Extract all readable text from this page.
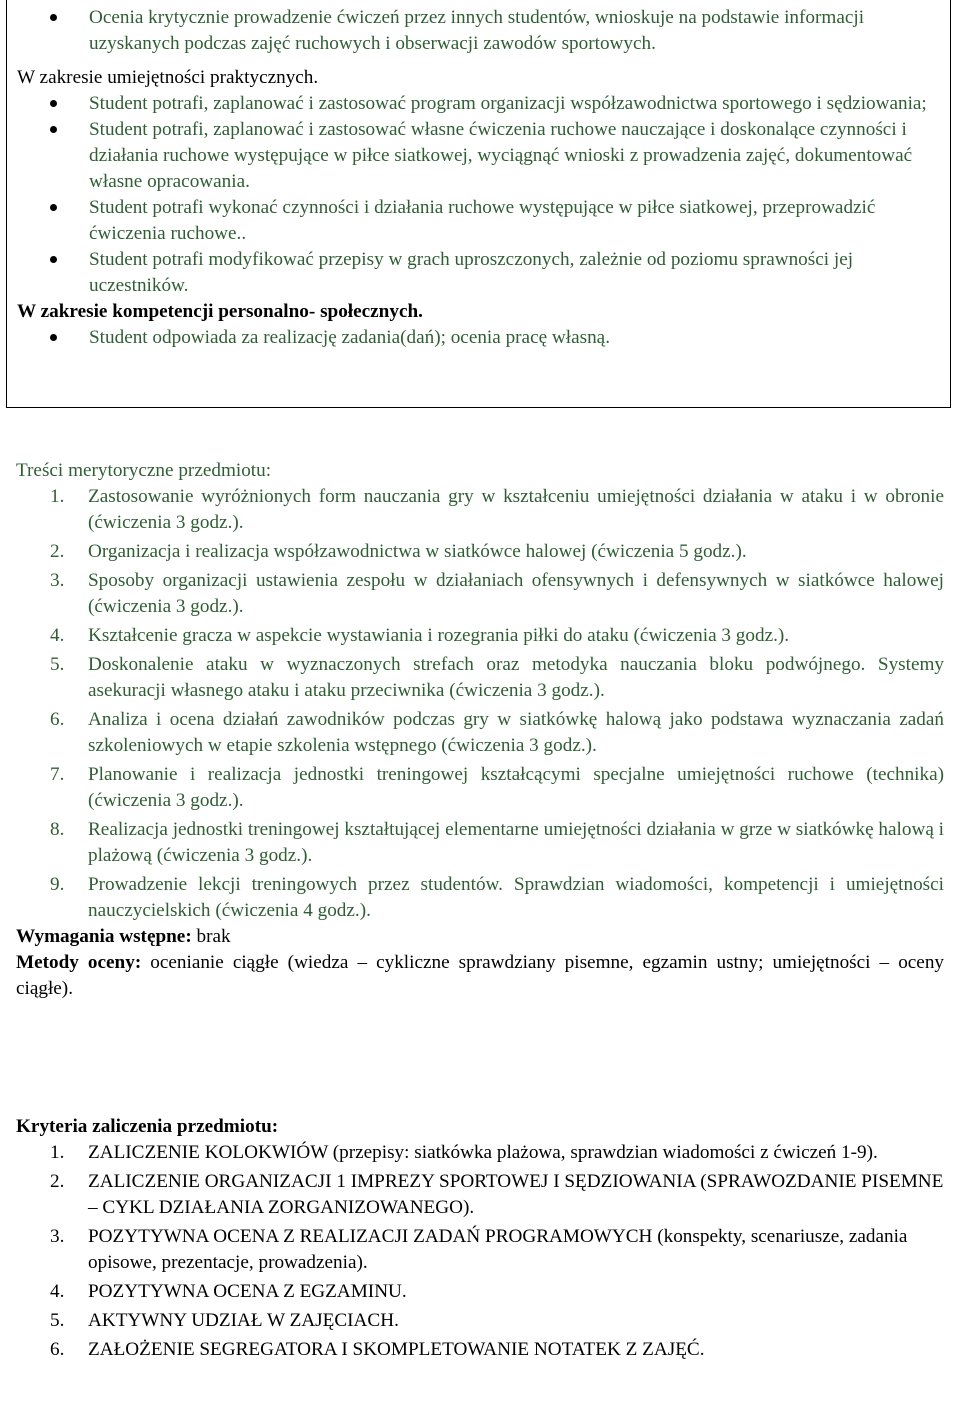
Ocenia krytycznie prowadzenie ćwiczeń przez innych studentów, wnioskuje na podstawie informacji uzyskanych podczas zajęć ruchowych i obserwacji zawodów sportowych.

W zakresie umiejętności praktycznych.

Student potrafi, zaplanować i zastosować program organizacji współzawodnictwa sportowego i sędziowania;
Student potrafi, zaplanować i zastosować własne ćwiczenia ruchowe nauczające i doskonalące czynności i działania ruchowe występujące w piłce siatkowej, wyciągnąć wnioski z prowadzenia zajęć, dokumentować własne opracowania.
Student potrafi wykonać czynności i działania ruchowe występujące w piłce siatkowej, przeprowadzić ćwiczenia ruchowe..
Student potrafi modyfikować przepisy w grach uproszczonych, zależnie od poziomu sprawności jej uczestników.

W zakresie kompetencji personalno- społecznych.

Student odpowiada za realizację zadania(dań); ocenia pracę własną.
Treści merytoryczne przedmiotu:
1. Zastosowanie wyróżnionych form nauczania gry w kształceniu umiejętności działania w ataku i w obronie (ćwiczenia 3 godz.).
2. Organizacja i realizacja współzawodnictwa w siatkówce halowej (ćwiczenia 5 godz.).
3. Sposoby organizacji ustawienia zespołu w działaniach ofensywnych i defensywnych w siatkówce halowej (ćwiczenia 3 godz.).
4. Kształcenie gracza w aspekcie wystawiania i rozegrania piłki do ataku (ćwiczenia 3 godz.).
5. Doskonalenie ataku w wyznaczonych strefach oraz metodyka nauczania bloku podwójnego. Systemy asekuracji własnego ataku i ataku przeciwnika (ćwiczenia 3 godz.).
6. Analiza i ocena działań zawodników podczas gry w siatkówkę halową jako podstawa wyznaczania zadań szkoleniowych w etapie szkolenia wstępnego (ćwiczenia 3 godz.).
7. Planowanie i realizacja jednostki treningowej kształcącymi specjalne umiejętności ruchowe (technika) (ćwiczenia 3 godz.).
8. Realizacja jednostki treningowej kształtującej elementarne umiejętności działania w grze w siatkówkę halową i plażową (ćwiczenia 3 godz.).
9. Prowadzenie lekcji treningowych przez studentów. Sprawdzian wiadomości, kompetencji i umiejętności nauczycielskich (ćwiczenia 4 godz.).
Wymagania wstępne: brak
Metody oceny: ocenianie ciągłe (wiedza – cykliczne sprawdziany pisemne, egzamin ustny; umiejętności – oceny ciągłe).
Kryteria zaliczenia przedmiotu:
1. ZALICZENIE KOLOKWIÓW (przepisy: siatkówka plażowa, sprawdzian wiadomości z ćwiczeń 1-9).
2. ZALICZENIE ORGANIZACJI 1 IMPREZY SPORTOWEJ I SĘDZIOWANIA (SPRAWOZDANIE PISEMNE – CYKL DZIAŁANIA ZORGANIZOWANEGO).
3. POZYTYWNA OCENA Z REALIZACJI ZADAŃ PROGRAMOWYCH (konspekty, scenariusze, zadania opisowe, prezentacje, prowadzenia).
4. POZYTYWNA OCENA Z EGZAMINU.
5. AKTYWNY UDZIAŁ W ZAJĘCIACH.
6. ZAŁOŻENIE SEGREGATORA I SKOMPLETOWANIE NOTATEK Z ZAJĘĆ.
